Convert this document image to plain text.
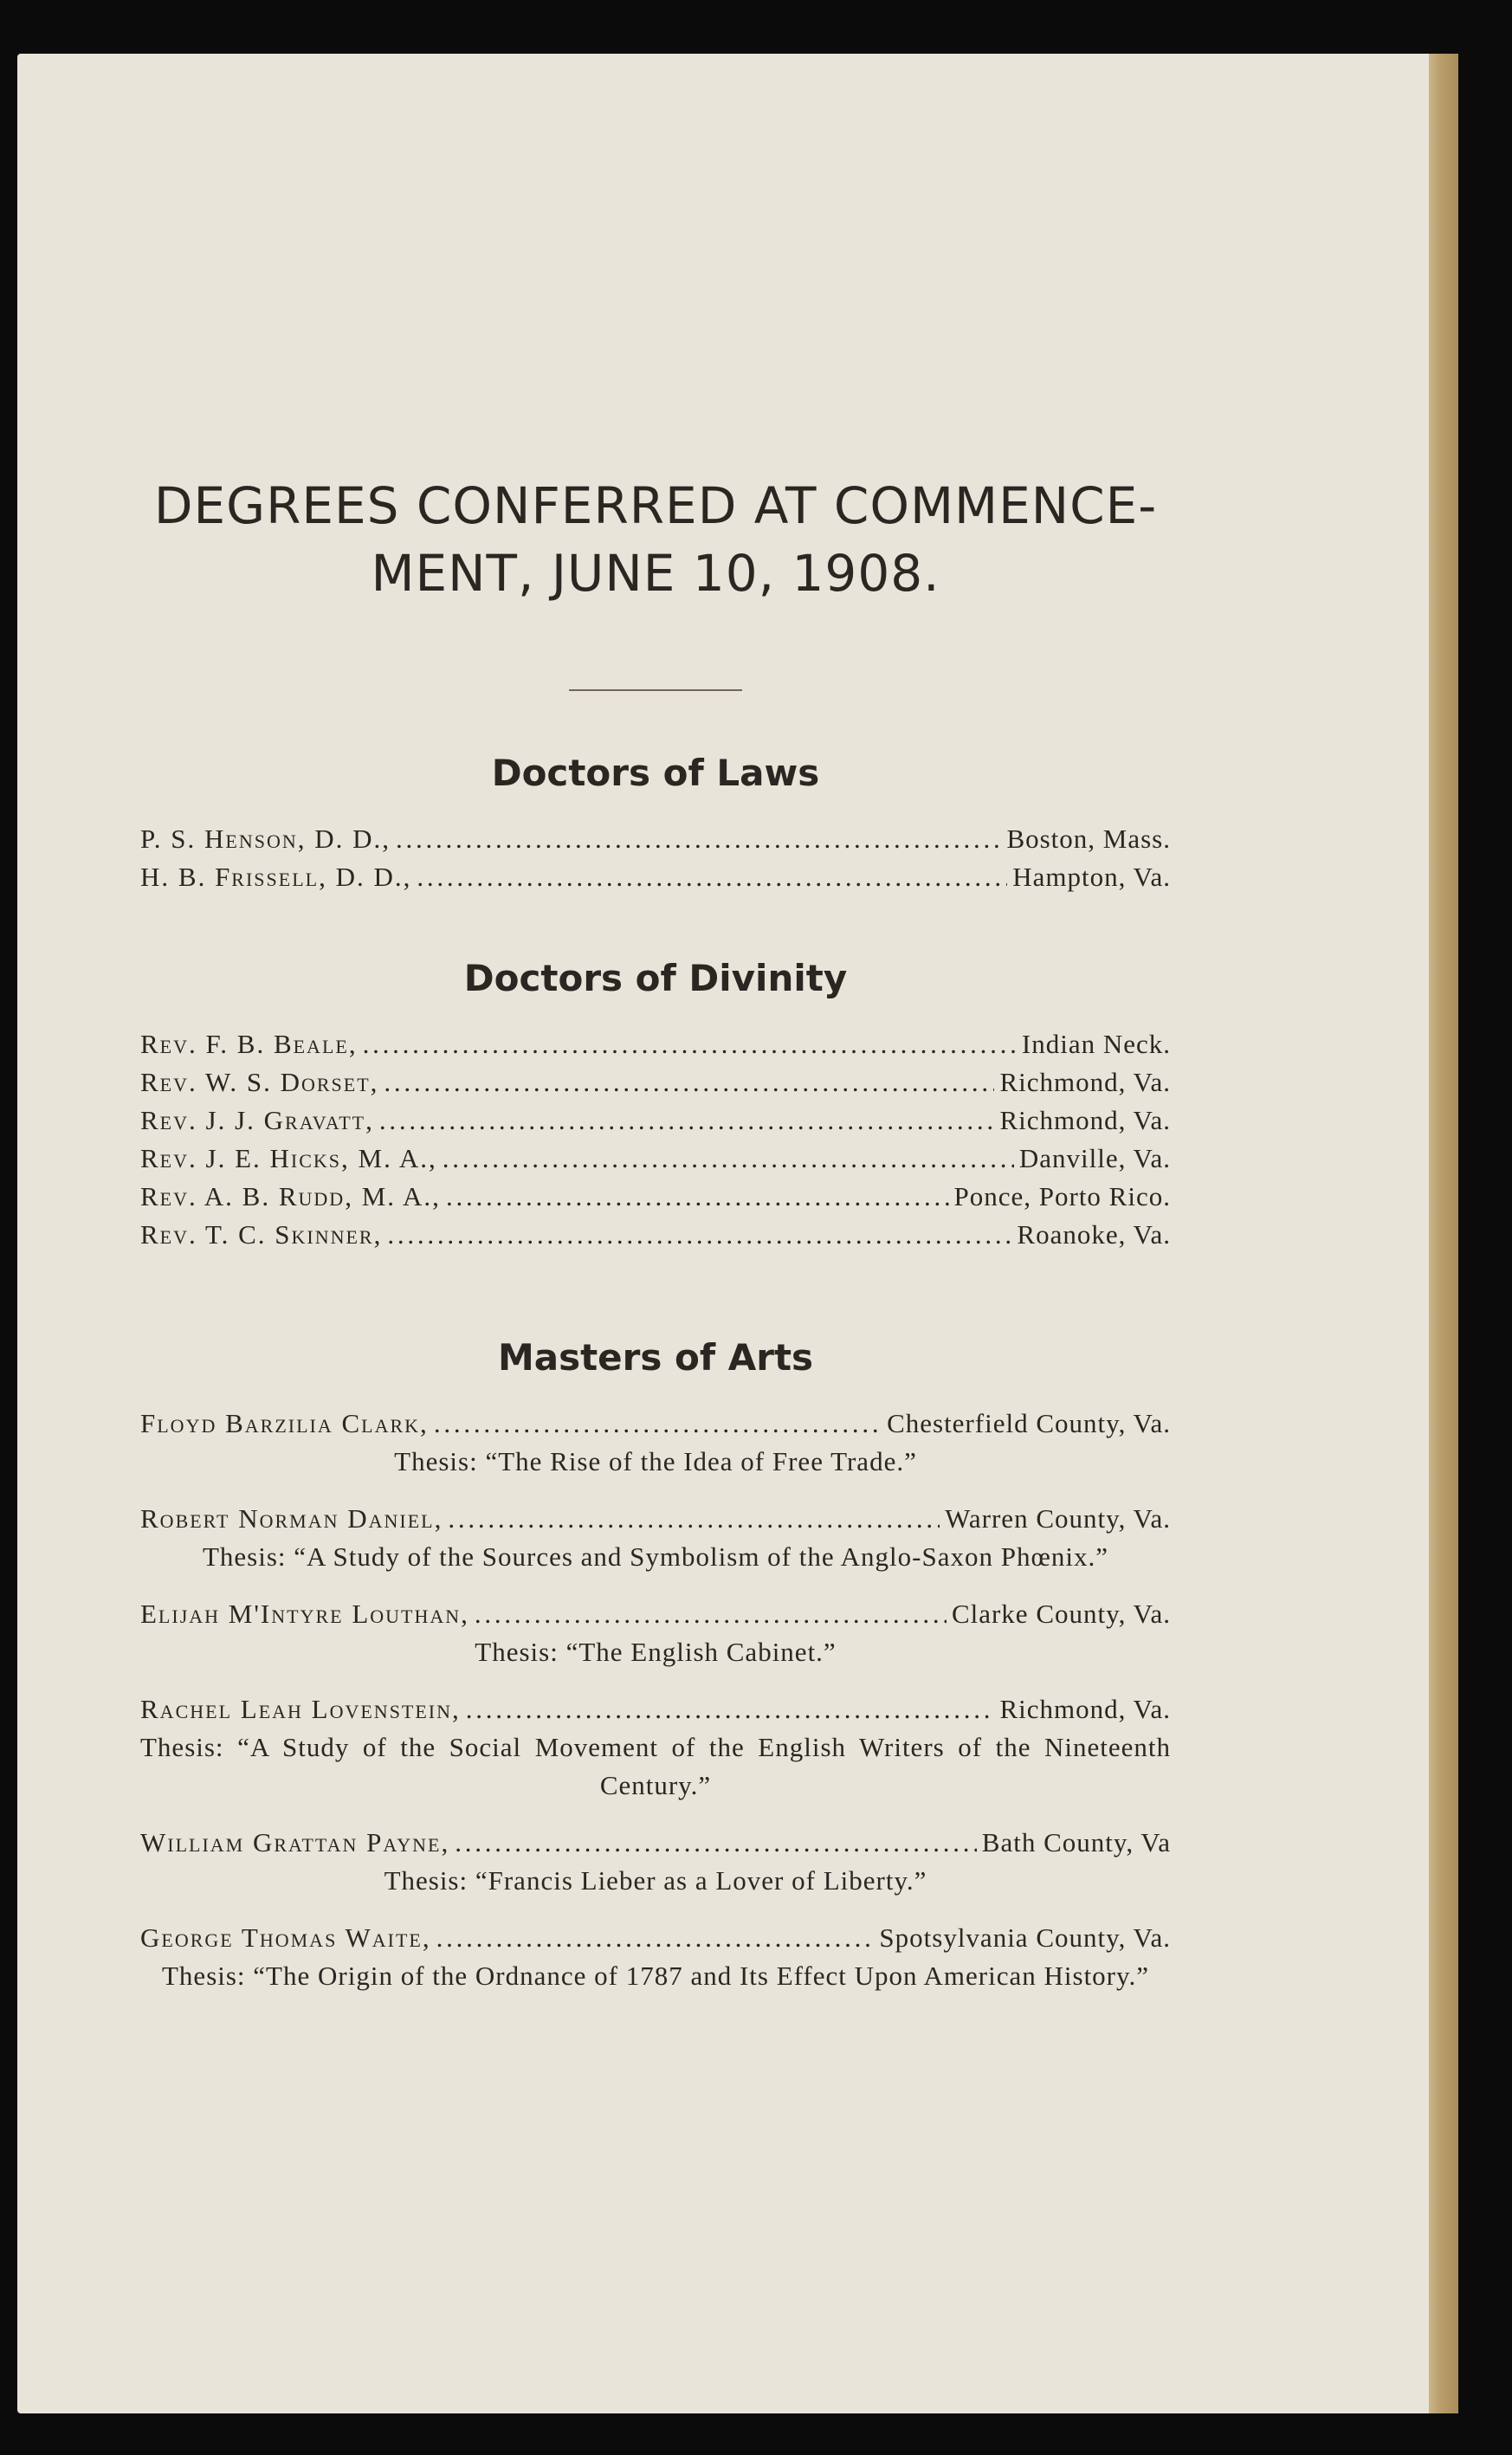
DEGREES CONFERRED AT COMMENCE-
MENT, JUNE 10, 1908.
Doctors of Laws
P. S. Henson, D. D., . . .	Boston, Mass.
H. B. Frissell, D. D., . . .	Hampton, Va.
Doctors of Divinity
Rev. F. B. Beale, . . .	Indian Neck.
Rev. W. S. Dorset, . . .	Richmond, Va.
Rev. J. J. Gravatt, . . .	Richmond, Va.
Rev. J. E. Hicks, M. A., . . .	Danville, Va.
Rev. A. B. Rudd, M. A., . . .	Ponce, Porto Rico.
Rev. T. C. Skinner, . . .	Roanoke, Va.
Masters of Arts
Floyd Barzilia Clark, . . .	Chesterfield County, Va.
Thesis: “The Rise of the Idea of Free Trade.”
Robert Norman Daniel, . . .	Warren County, Va.
Thesis: “A Study of the Sources and Symbolism of the Anglo-Saxon Phœnix.”
Elijah M'Intyre Louthan, . . .	Clarke County, Va.
Thesis: “The English Cabinet.”
Rachel Leah Lovenstein, . . .	Richmond, Va.
Thesis: “A Study of the Social Movement of the English Writers of the Nineteenth Century.”
William Grattan Payne, . . .	Bath County, Va
Thesis: “Francis Lieber as a Lover of Liberty.”
George Thomas Waite, . . .	Spotsylvania County, Va.
Thesis: “The Origin of the Ordnance of 1787 and Its Effect Upon American History.”
